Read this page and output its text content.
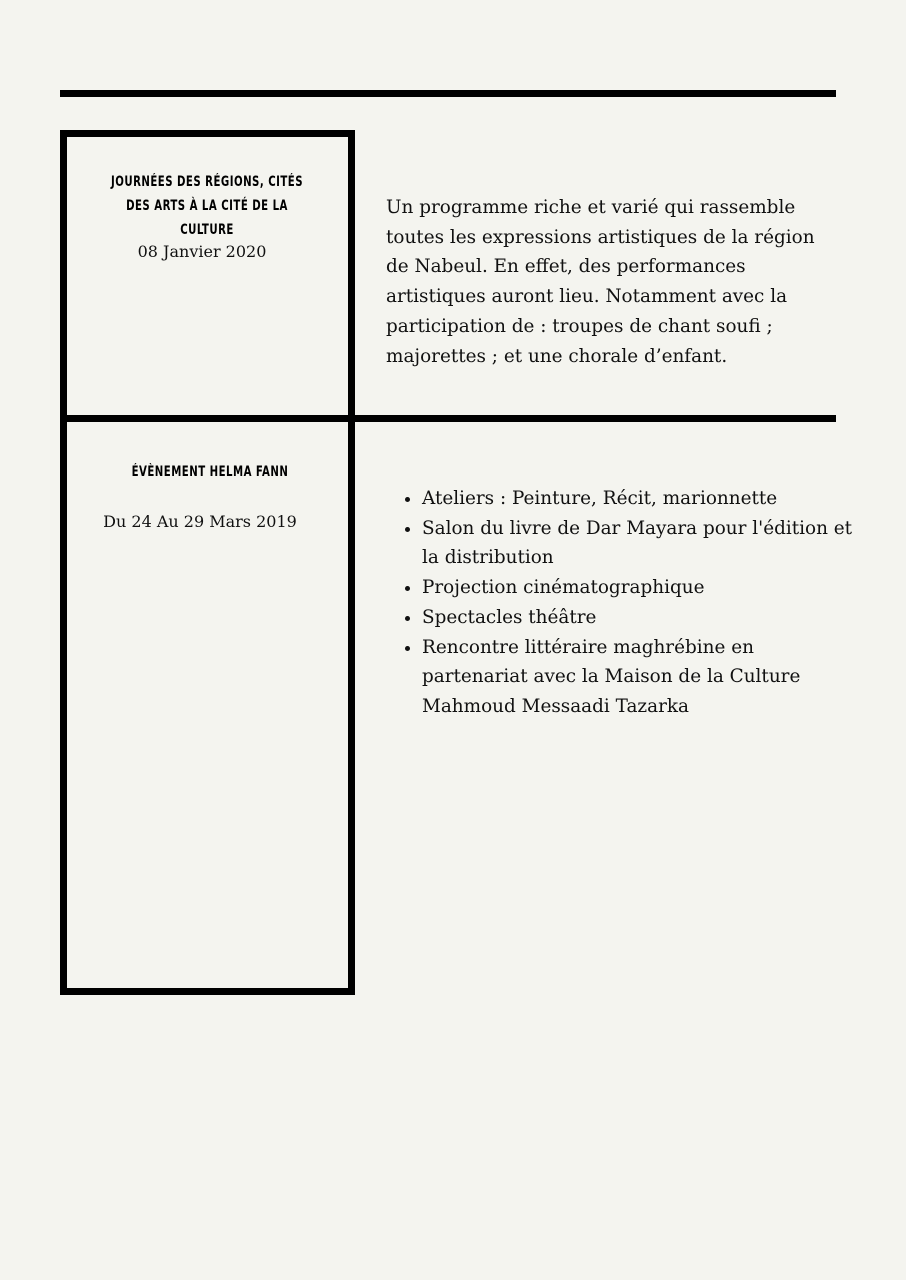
JOURNÉES DES RÉGIONS, CITÉS DES ARTS À LA CITÉ DE LA CULTURE
08 Janvier 2020

Un programme riche et varié qui rassemble toutes les expressions artistiques de la région de Nabeul. En effet, des performances artistiques auront lieu. Notamment avec la participation de : troupes de chant soufi ; majorettes ; et une chorale d’enfant.

ÉVÈNEMENT HELMA FANN
Du 24 Au 29 Mars 2019
• Ateliers : Peinture, Récit, marionnette
• Salon du livre de Dar Mayara pour l'édition et la distribution
• Projection cinématographique
• Spectacles théâtre
• Rencontre littéraire maghrébine en partenariat avec la Maison de la Culture Mahmoud Messaadi Tazarka
